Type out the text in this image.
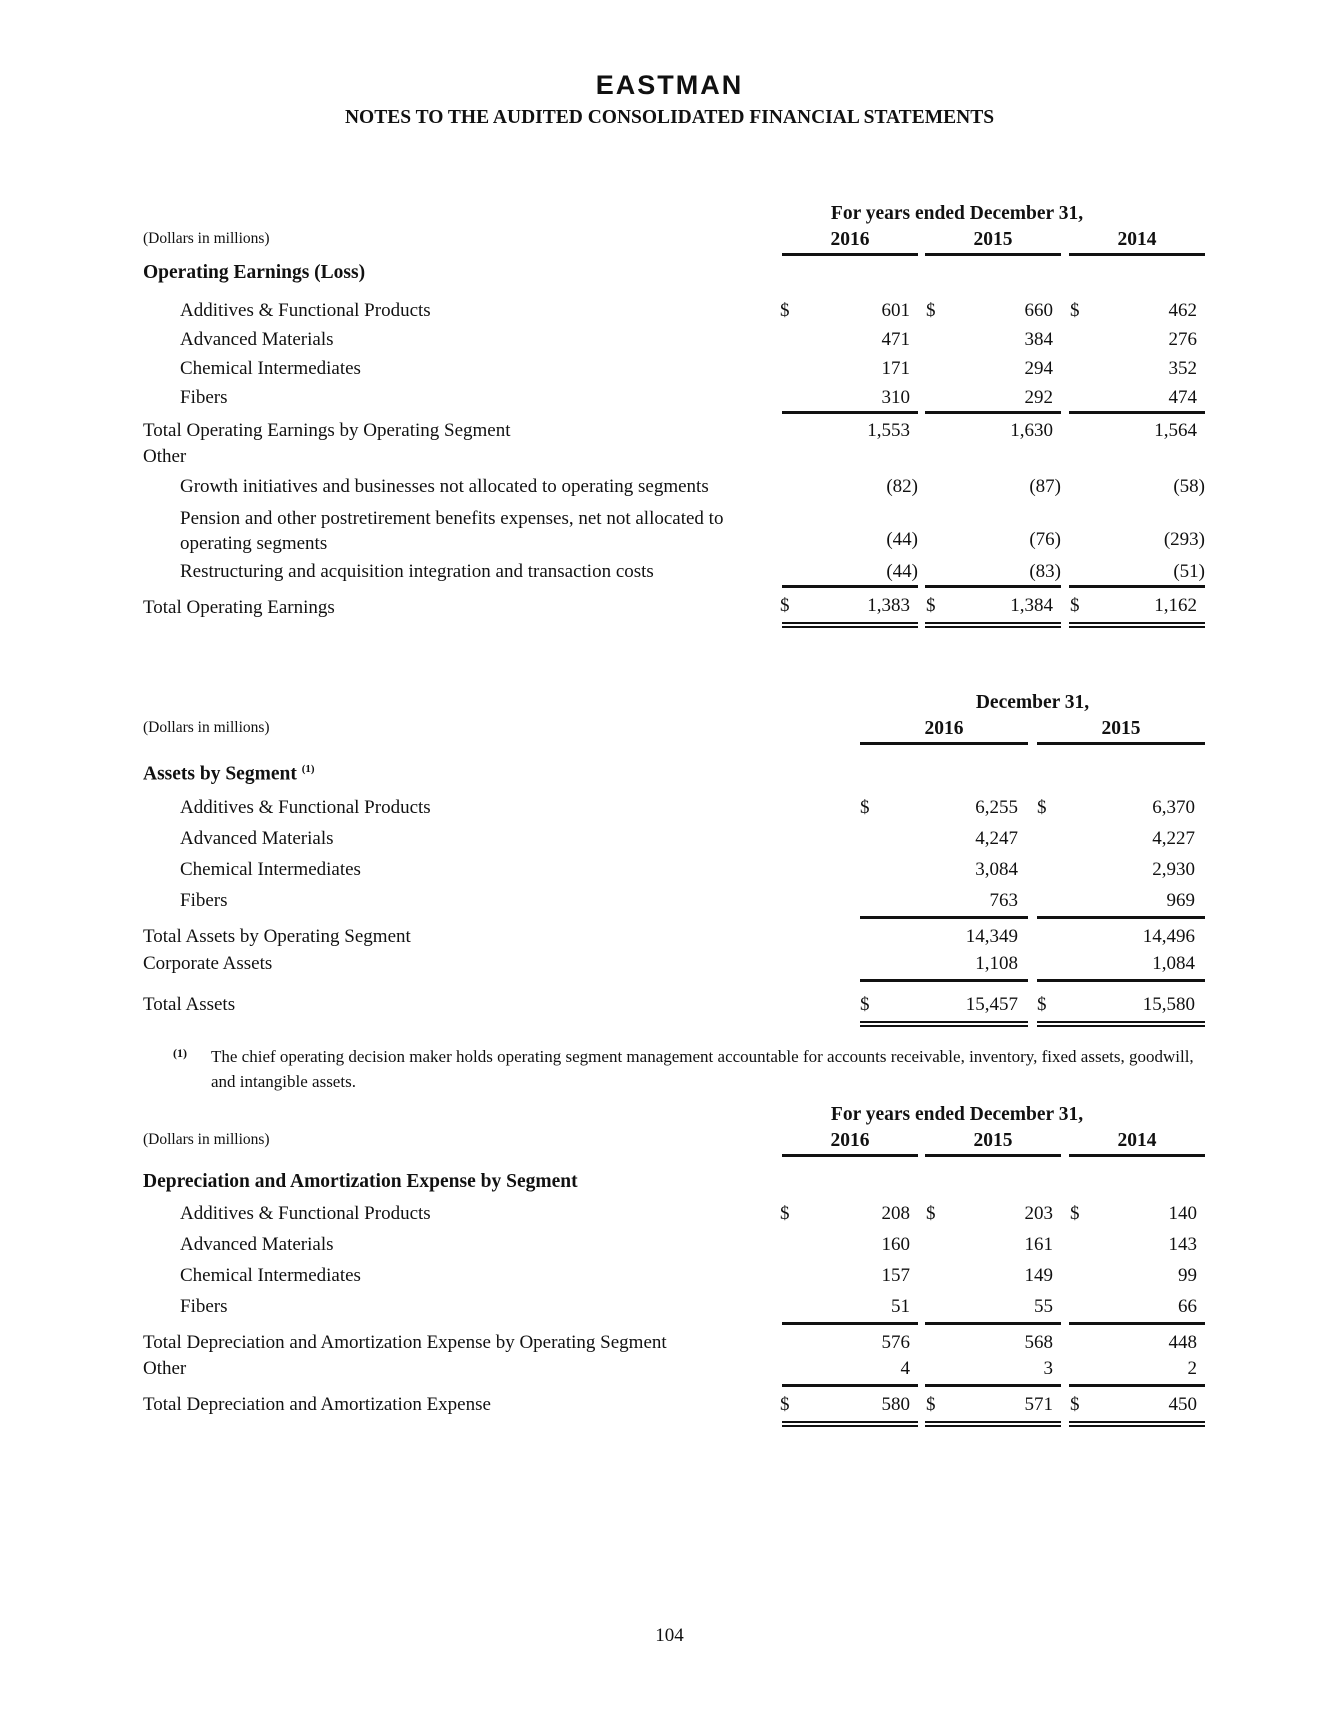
EASTMAN
NOTES TO THE AUDITED CONSOLIDATED FINANCIAL STATEMENTS
For years ended December 31,
(Dollars in millions)	2016	2015	2014
Operating Earnings (Loss)
Additives & Functional Products	$	601 $	660 $	462
Advanced Materials	471	384	276
Chemical Intermediates	171	294	352
Fibers	310	292	474
Total Operating Earnings by Operating Segment	1,553	1,630	1,564
Other
Growth initiatives and businesses not allocated to operating segments	(82)	(87)	(58)
Pension and other postretirement benefits expenses, net not allocated to
operating segments	(44)	(76)	(293)
Restructuring and acquisition integration and transaction costs	(44)	(83)	(51)
Total Operating Earnings	$	1,383 $	1,384 $	1,162
December 31,
(Dollars in millions)	2016	2015
Assets by Segment $^{(1)}$
Additives & Functional Products	$	6,255 $	6,370
Advanced Materials	4,247	4,227
Chemical Intermediates	3,084	2,930
Fibers	763	969
Total Assets by Operating Segment	14,349	14,496
Corporate Assets	1,108	1,084
Total Assets	$	15,457 $	15,580
(1) The chief operating decision maker holds operating segment management accountable for accounts receivable, inventory, fixed assets, goodwill, and intangible assets.
For years ended December 31,
(Dollars in millions)	2016	2015	2014
Depreciation and Amortization Expense by Segment
Additives & Functional Products	$	208 $	203 $	140
Advanced Materials	160	161	143
Chemical Intermediates	157	149	99
Fibers	51	55	66
Total Depreciation and Amortization Expense by Operating Segment	576	568	448
Other	4	3	2
Total Depreciation and Amortization Expense	$	580 $	571 $	450
104
